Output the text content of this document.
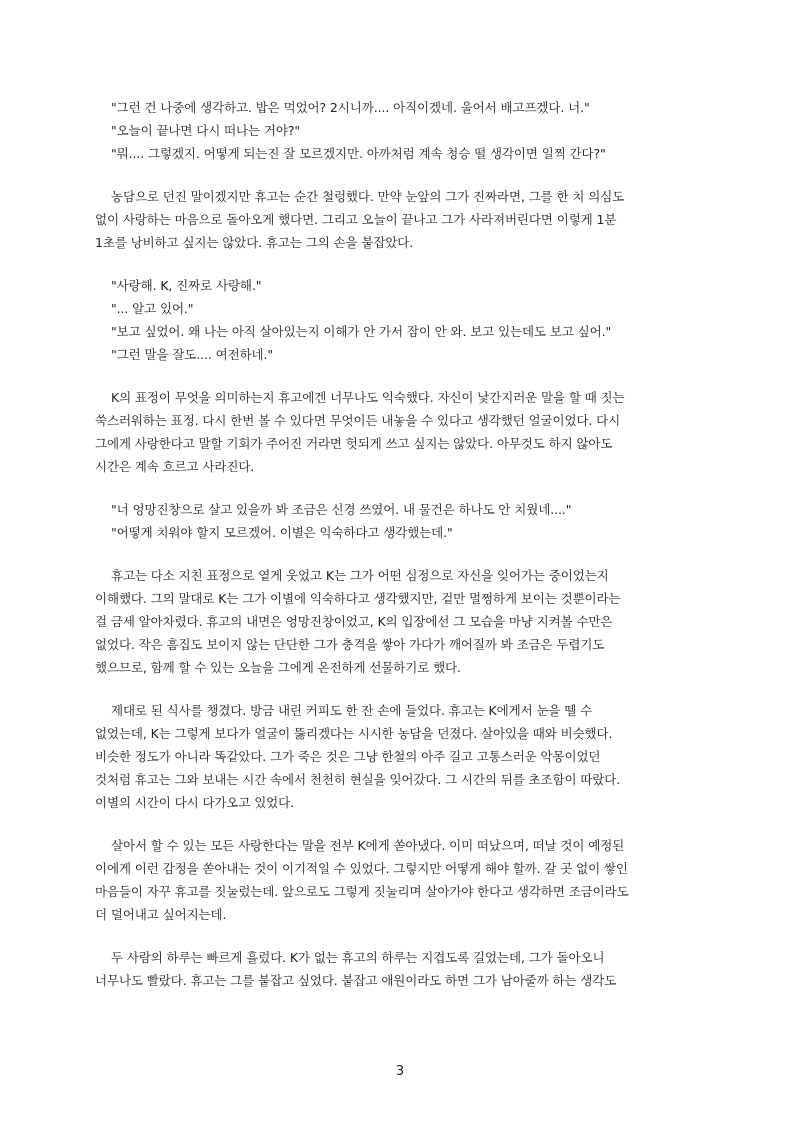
"그런 건 나중에 생각하고. 밥은 먹었어? 2시니까.... 아직이겠네. 울어서 배고프겠다. 너."
"오늘이 끝나면 다시 떠나는 거야?"
"뭐.... 그렇겠지. 어떻게 되는진 잘 모르겠지만. 아까처럼 계속 청승 떨 생각이면 일찍 간다?"
농담으로 던진 말이겠지만 휴고는 순간 철렁했다. 만약 눈앞의 그가 진짜라면, 그를 한 치 의심도
없이 사랑하는 마음으로 돌아오게 했다면. 그리고 오늘이 끝나고 그가 사라져버린다면 이렇게 1분
1초를 낭비하고 싶지는 않았다. 휴고는 그의 손을 붙잡았다.
"사랑해. K, 진짜로 사랑해."
"... 알고 있어."
"보고 싶었어. 왜 나는 아직 살아있는지 이해가 안 가서 잠이 안 와. 보고 있는데도 보고 싶어."
"그런 말을 잘도.... 여전하네."
K의 표정이 무엇을 의미하는지 휴고에겐 너무나도 익숙했다. 자신이 낯간지러운 말을 할 때 짓는
쑥스러워하는 표정. 다시 한번 볼 수 있다면 무엇이든 내놓을 수 있다고 생각했던 얼굴이었다. 다시
그에게 사랑한다고 말할 기회가 주어진 거라면 헛되게 쓰고 싶지는 않았다. 아무것도 하지 않아도
시간은 계속 흐르고 사라진다.
"너 엉망진창으로 살고 있을까 봐 조금은 신경 쓰였어. 내 물건은 하나도 안 치웠네...."
"어떻게 치워야 할지 모르겠어. 이별은 익숙하다고 생각했는데."
휴고는 다소 지친 표정으로 옅게 웃었고 K는 그가 어떤 심정으로 자신을 잊어가는 중이었는지
이해했다. 그의 말대로 K는 그가 이별에 익숙하다고 생각했지만, 겉만 멀쩡하게 보이는 것뿐이라는
걸 금세 알아차렸다. 휴고의 내면은 엉망진창이었고, K의 입장에선 그 모습을 마냥 지켜볼 수만은
없었다. 작은 흠집도 보이지 않는 단단한 그가 충격을 쌓아 가다가 깨어질까 봐 조금은 두렵기도
했으므로, 함께 할 수 있는 오늘을 그에게 온전하게 선물하기로 했다.
제대로 된 식사를 챙겼다. 방금 내린 커피도 한 잔 손에 들었다. 휴고는 K에게서 눈을 뗄 수
없었는데, K는 그렇게 보다가 얼굴이 뚫리겠다는 시시한 농담을 던졌다. 살아있을 때와 비슷했다.
비슷한 정도가 아니라 똑같았다. 그가 죽은 것은 그냥 한철의 아주 길고 고통스러운 악몽이었던
것처럼 휴고는 그와 보내는 시간 속에서 천천히 현실을 잊어갔다. 그 시간의 뒤를 초조함이 따랐다.
이별의 시간이 다시 다가오고 있었다.
살아서 할 수 있는 모든 사랑한다는 말을 전부 K에게 쏟아냈다. 이미 떠났으며, 떠날 것이 예정된
이에게 이런 감정을 쏟아내는 것이 이기적일 수 있었다. 그렇지만 어떻게 해야 할까. 갈 곳 없이 쌓인
마음들이 자꾸 휴고를 짓눌렀는데. 앞으로도 그렇게 짓눌리며 살아가야 한다고 생각하면 조금이라도
더 덜어내고 싶어지는데.
두 사람의 하루는 빠르게 흘렀다. K가 없는 휴고의 하루는 지겹도록 길었는데, 그가 돌아오니
너무나도 빨랐다. 휴고는 그를 붙잡고 싶었다. 붙잡고 애원이라도 하면 그가 남아줄까 하는 생각도
3
